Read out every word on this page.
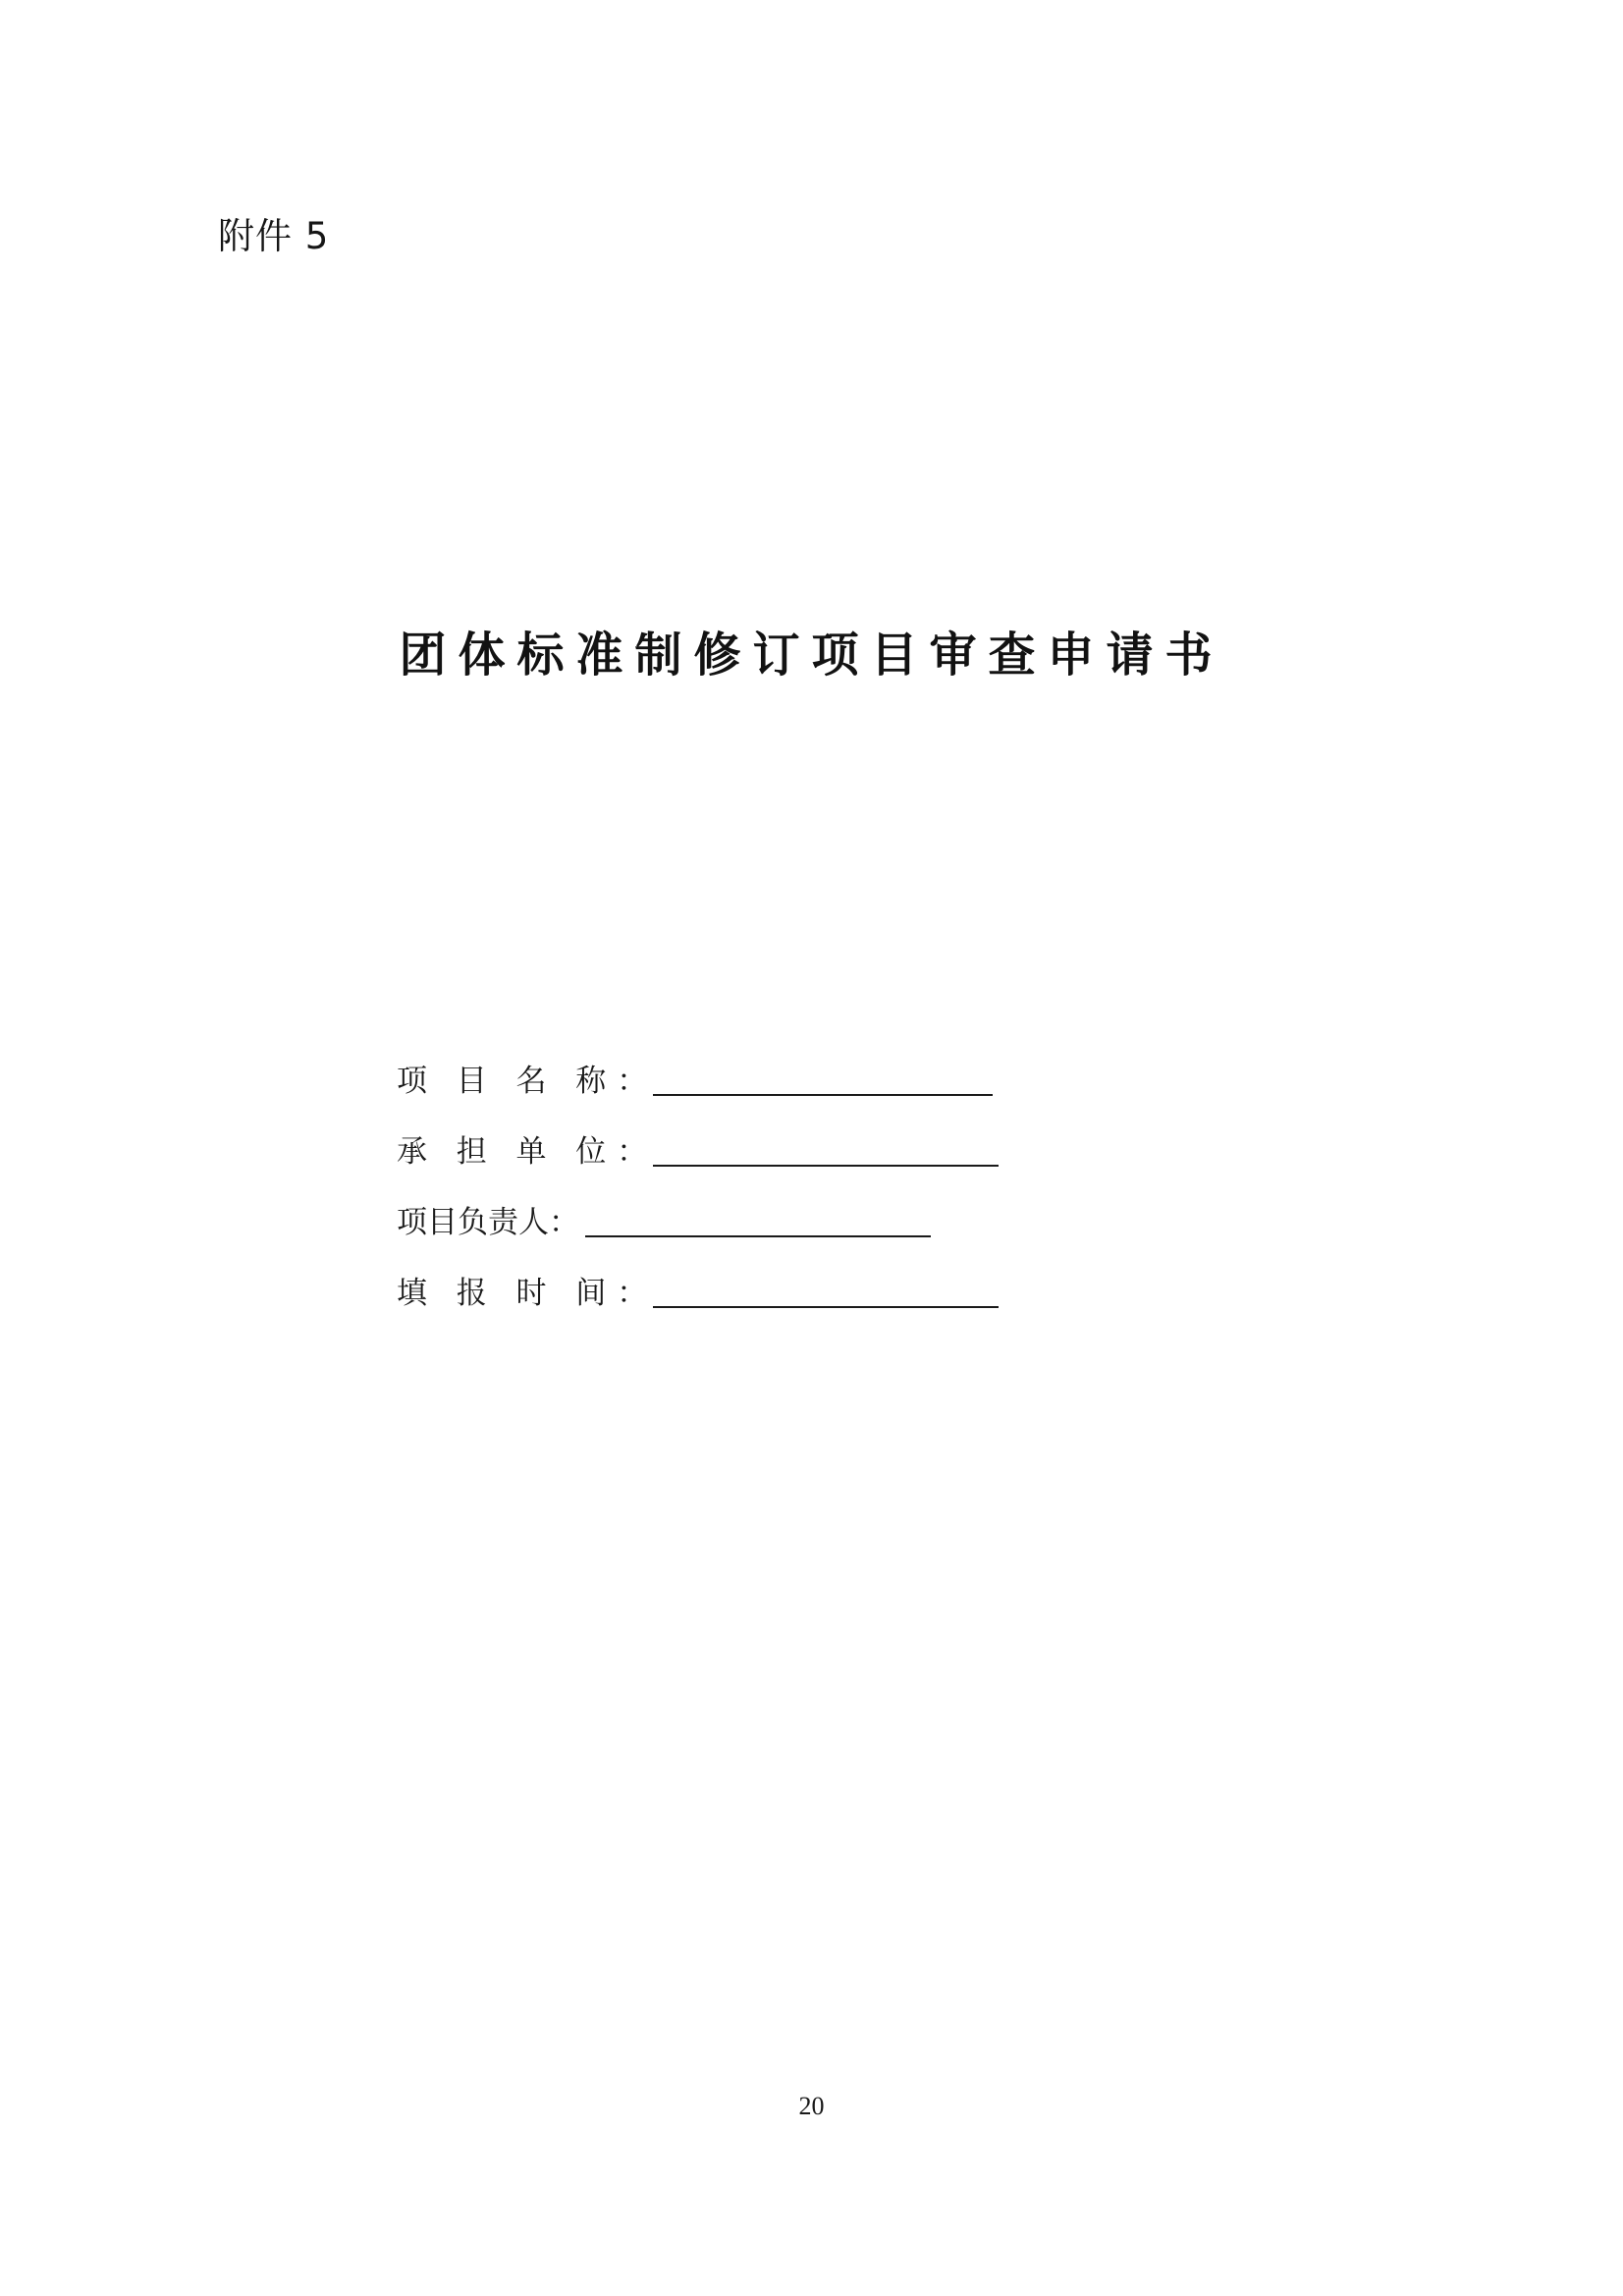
附件 5
团体标准制修订项目审查申请书
项 目 名 称 ：
承 担 单 位 ：
项目负责人 ：
填 报 时 间 ：
20
